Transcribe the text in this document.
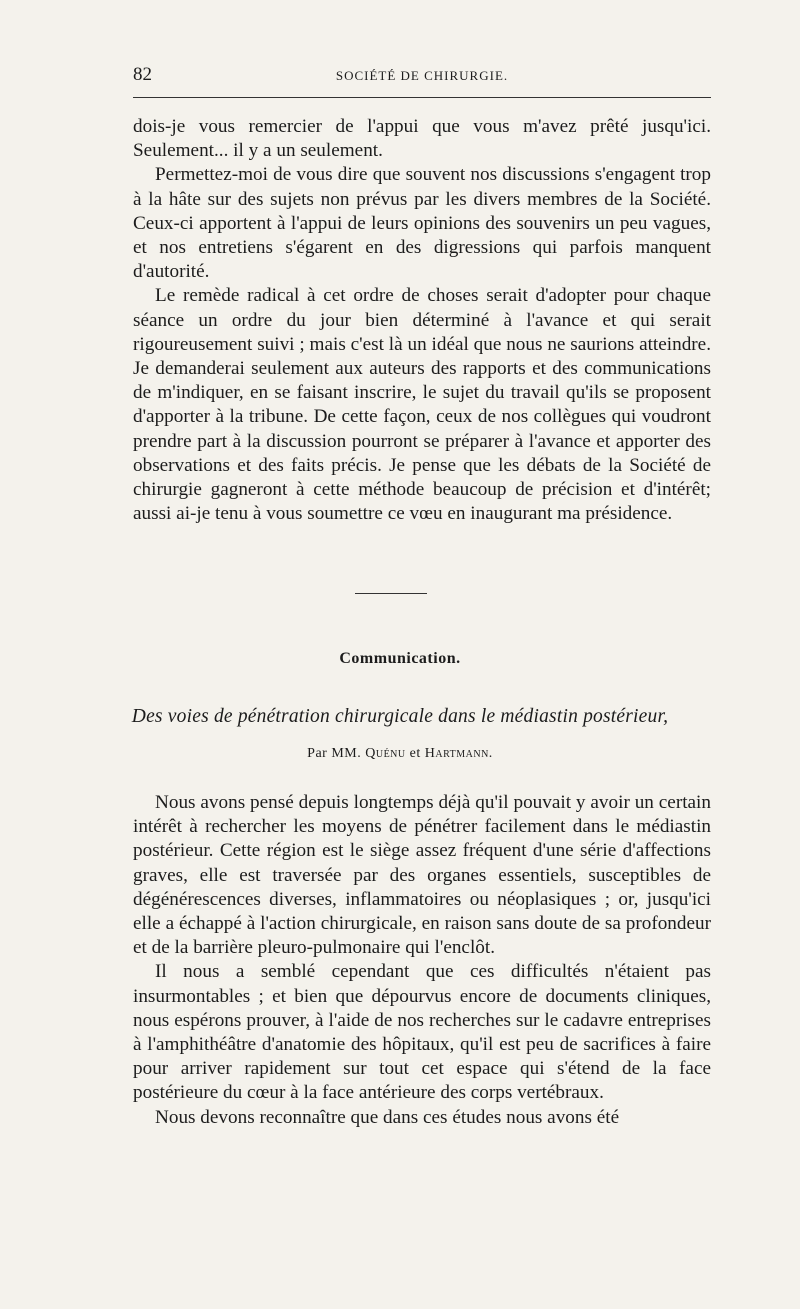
82	SOCIÉTÉ DE CHIRURGIE.

dois-je vous remercier de l'appui que vous m'avez prêté jusqu'ici. Seulement... il y a un seulement.

Permettez-moi de vous dire que souvent nos discussions s'engagent trop à la hâte sur des sujets non prévus par les divers membres de la Société. Ceux-ci apportent à l'appui de leurs opinions des souvenirs un peu vagues, et nos entretiens s'égarent en des digressions qui parfois manquent d'autorité.

Le remède radical à cet ordre de choses serait d'adopter pour chaque séance un ordre du jour bien déterminé à l'avance et qui serait rigoureusement suivi ; mais c'est là un idéal que nous ne saurions atteindre. Je demanderai seulement aux auteurs des rapports et des communications de m'indiquer, en se faisant inscrire, le sujet du travail qu'ils se proposent d'apporter à la tribune. De cette façon, ceux de nos collègues qui voudront prendre part à la discussion pourront se préparer à l'avance et apporter des observations et des faits précis. Je pense que les débats de la Société de chirurgie gagneront à cette méthode beaucoup de précision et d'intérêt; aussi ai-je tenu à vous soumettre ce vœu en inaugurant ma présidence.

Communication.
Des voies de pénétration chirurgicale dans le médiastin postérieur,
Par MM. Quénu et Hartmann.

Nous avons pensé depuis longtemps déjà qu'il pouvait y avoir un certain intérêt à rechercher les moyens de pénétrer facilement dans le médiastin postérieur. Cette région est le siège assez fréquent d'une série d'affections graves, elle est traversée par des organes essentiels, susceptibles de dégénérescences diverses, inflammatoires ou néoplasiques ; or, jusqu'ici elle a échappé à l'action chirurgicale, en raison sans doute de sa profondeur et de la barrière pleuro-pulmonaire qui l'enclôt.

Il nous a semblé cependant que ces difficultés n'étaient pas insurmontables ; et bien que dépourvus encore de documents cliniques, nous espérons prouver, à l'aide de nos recherches sur le cadavre entreprises à l'amphithéâtre d'anatomie des hôpitaux, qu'il est peu de sacrifices à faire pour arriver rapidement sur tout cet espace qui s'étend de la face postérieure du cœur à la face antérieure des corps vertébraux.

Nous devons reconnaître que dans ces études nous avons été
